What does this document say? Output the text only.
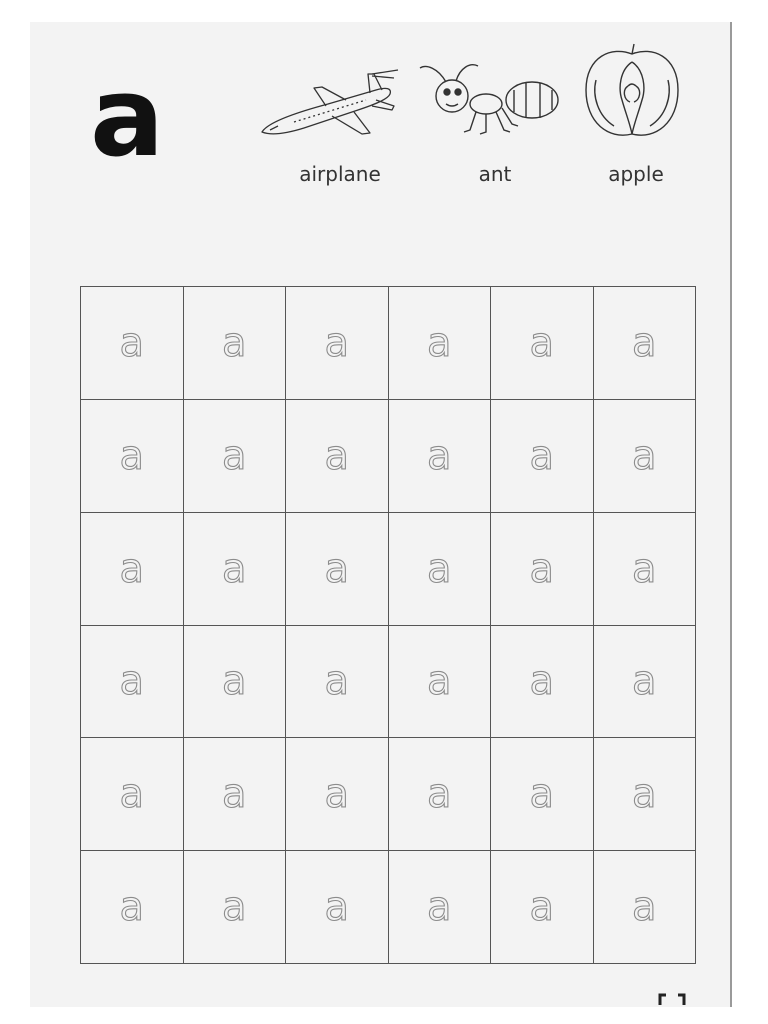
a	airplane	ant	apple
a a a a a a
a a a a a a
a a a a a a
a a a a a a
a a a a a a
a a a a a a
